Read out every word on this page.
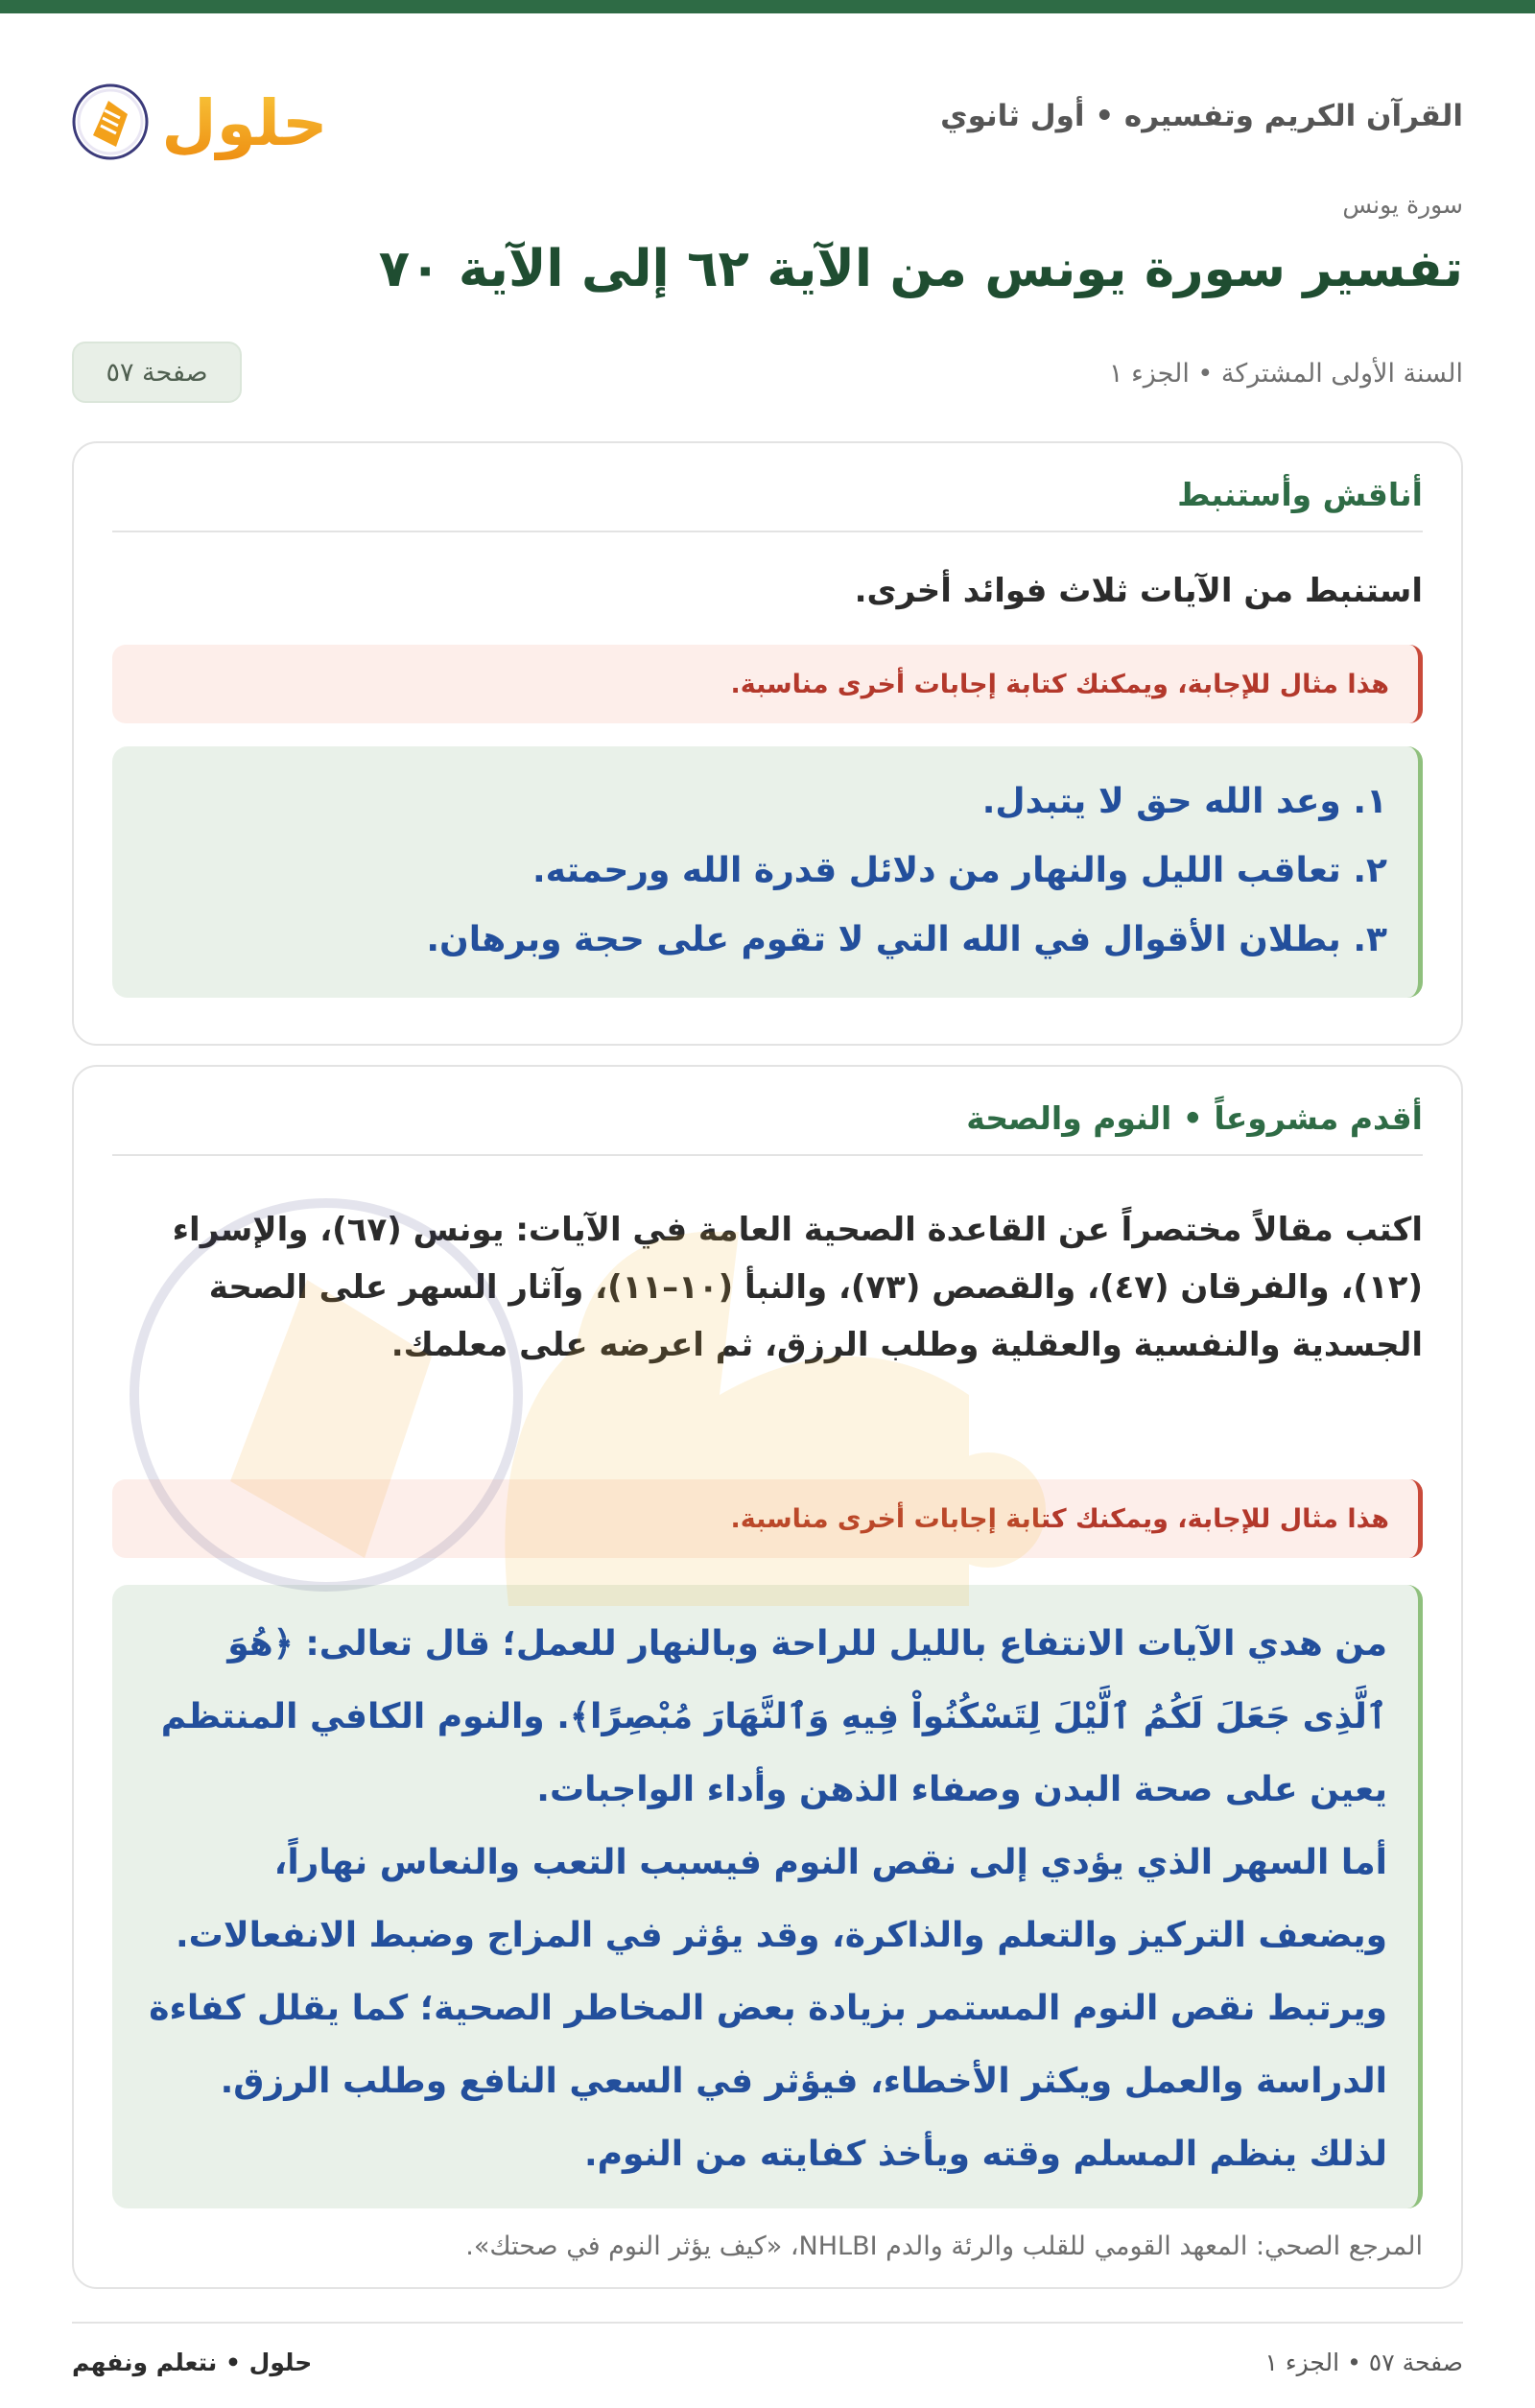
القرآن الكريم وتفسيره • أول ثانوي
حلول
سورة يونس
تفسير سورة يونس من الآية ٦٢ إلى الآية ٧٠
السنة الأولى المشتركة • الجزء ١
صفحة ٥٧
أناقش وأستنبط
استنبط من الآيات ثلاث فوائد أخرى.
هذا مثال للإجابة، ويمكنك كتابة إجابات أخرى مناسبة.
١. وعد الله حق لا يتبدل.
٢. تعاقب الليل والنهار من دلائل قدرة الله ورحمته.
٣. بطلان الأقوال في الله التي لا تقوم على حجة وبرهان.
أقدم مشروعاً • النوم والصحة
اكتب مقالاً مختصراً عن القاعدة الصحية العامة في الآيات: يونس (٦٧)، والإسراء (١٢)، والفرقان (٤٧)، والقصص (٧٣)، والنبأ (١٠–١١)، وآثار السهر على الصحة الجسدية والنفسية والعقلية وطلب الرزق، ثم اعرضه على معلمك.
هذا مثال للإجابة، ويمكنك كتابة إجابات أخرى مناسبة.

من هدي الآيات الانتفاع بالليل للراحة وبالنهار للعمل؛ قال تعالى: ﴿هُوَ ٱلَّذِى جَعَلَ لَكُمُ ٱلَّيْلَ لِتَسْكُنُواْ فِيهِ وَٱلنَّهَارَ مُبْصِرًا﴾. والنوم الكافي المنتظم يعين على صحة البدن وصفاء الذهن وأداء الواجبات.

أما السهر الذي يؤدي إلى نقص النوم فيسبب التعب والنعاس نهاراً، ويضعف التركيز والتعلم والذاكرة، وقد يؤثر في المزاج وضبط الانفعالات. ويرتبط نقص النوم المستمر بزيادة بعض المخاطر الصحية؛ كما يقلل كفاءة الدراسة والعمل ويكثر الأخطاء، فيؤثر في السعي النافع وطلب الرزق. لذلك ينظم المسلم وقته ويأخذ كفايته من النوم.

المرجع الصحي: المعهد القومي للقلب والرئة والدم NHLBI، «كيف يؤثر النوم في صحتك».
صفحة ٥٧ • الجزء ١
حلول • نتعلم ونفهم
